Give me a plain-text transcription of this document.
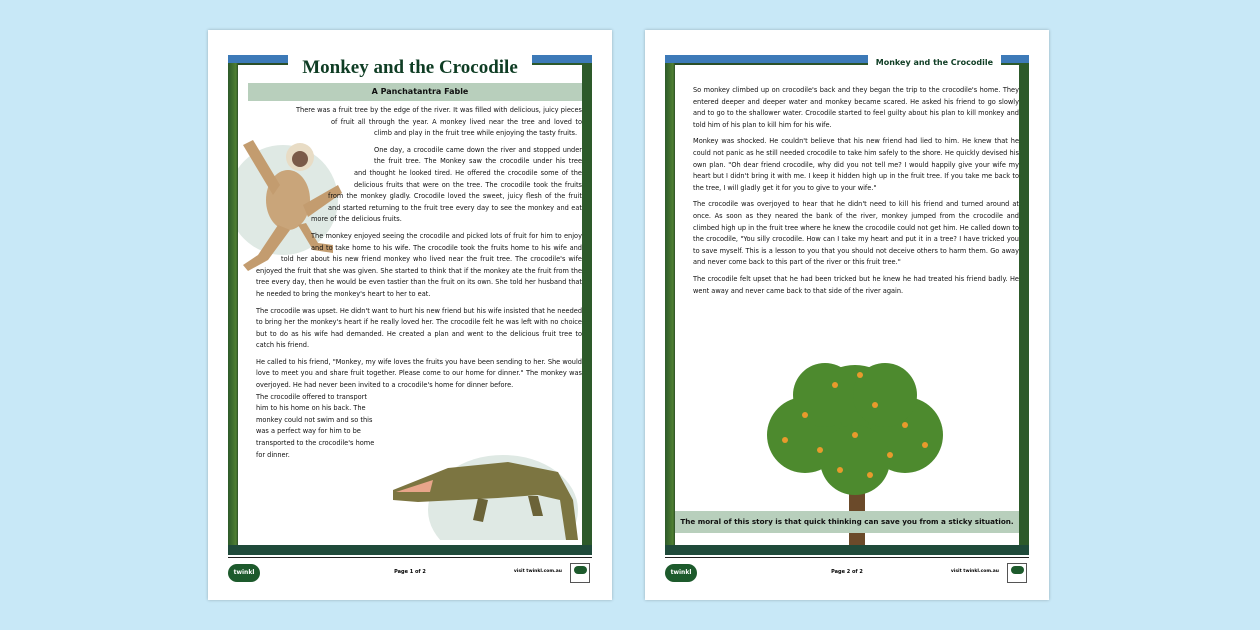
Monkey and the Crocodile
A Panchatantra Fable

There was a fruit tree by the edge of the river. It was filled with delicious, juicy pieces of fruit all through the year. A monkey lived near the tree and loved to climb and play in the fruit tree while enjoying the tasty fruits.

One day, a crocodile came down the river and stopped under the fruit tree. The Monkey saw the crocodile under his tree and thought he looked tired. He offered the crocodile some of the delicious fruits that were on the tree. The crocodile took the fruits from the monkey gladly. Crocodile loved the sweet, juicy flesh of the fruit and started returning to the fruit tree every day to see the monkey and eat more of the delicious fruits.

The monkey enjoyed seeing the crocodile and picked lots of fruit for him to enjoy and to take home to his wife. The crocodile took the fruits home to his wife and told her about his new friend monkey who lived near the fruit tree. The crocodile's wife enjoyed the fruit that she was given. She started to think that if the monkey ate the fruit from the tree every day, then he would be even tastier than the fruit on its own. She told her husband that he needed to bring the monkey's heart to her to eat.

The crocodile was upset. He didn't want to hurt his new friend but his wife insisted that he needed to bring her the monkey's heart if he really loved her. The crocodile felt he was left with no choice but to do as his wife had demanded. He created a plan and went to the delicious fruit tree to catch his friend.

He called to his friend, "Monkey, my wife loves the fruits you have been sending to her. She would love to meet you and share fruit together. Please come to our home for dinner." The monkey was overjoyed. He had never been invited to a crocodile's home for dinner before.

The crocodile offered to transport him to his home on his back. The monkey could not swim and so this was a perfect way for him to be transported to the crocodile's home for dinner.

twinkl	Page 1 of 2	visit twinkl.com.au
Monkey and the Crocodile

So monkey climbed up on crocodile's back and they began the trip to the crocodile's home. They entered deeper and deeper water and monkey became scared. He asked his friend to go slowly and to go to the shallower water. Crocodile started to feel guilty about his plan to kill monkey and told him of his plan to kill him for his wife.

Monkey was shocked. He couldn't believe that his new friend had lied to him. He knew that he could not panic as he still needed crocodile to take him safely to the shore. He quickly devised his own plan. "Oh dear friend crocodile, why did you not tell me? I would happily give your wife my heart but I didn't bring it with me. I keep it hidden high up in the fruit tree. If you take me back to the tree, I will gladly get it for you to give to your wife."

The crocodile was overjoyed to hear that he didn't need to kill his friend and turned around at once. As soon as they neared the bank of the river, monkey jumped from the crocodile and climbed high up in the fruit tree where he knew the crocodile could not get him. He called down to the crocodile, "You silly crocodile. How can I take my heart and put it in a tree? I have tricked you to save myself. This is a lesson to you that you should not deceive others to harm them. Go away and never come back to this part of the river or this fruit tree."

The crocodile felt upset that he had been tricked but he knew he had treated his friend badly. He went away and never came back to that side of the river again.

The moral of this story is that quick thinking can save you from a sticky situation.
twinkl	Page 2 of 2	visit twinkl.com.au
